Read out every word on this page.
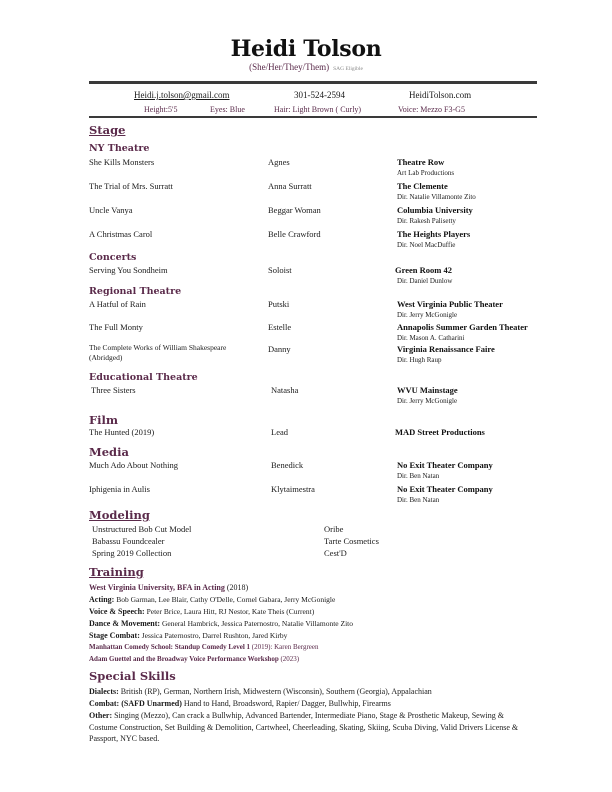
Heidi Tolson
(She/Her/They/Them) SAG Eligible
Heidi.j.tolson@gmail.com	301-524-2594	HeidiTolson.com
Height:5'5	Eyes: Blue	Hair: Light Brown ( Curly)	Voice: Mezzo F3-G5
Stage
NY Theatre
She Kills Monsters	Agnes	Theatre Row
Art Lab Productions
The Trial of Mrs. Surratt	Anna Surratt	The Clemente
Dir. Natalie Villamonte Zito
Uncle Vanya	Beggar Woman	Columbia University
Dir. Rakesh Palisetty
A Christmas Carol	Belle Crawford	The Heights Players
Dir. Noel MacDuffie
Concerts
Serving You Sondheim	Soloist	Green Room 42
Dir. Daniel Dunlow
Regional Theatre
A Hatful of Rain	Putski	West Virginia Public Theater
Dir. Jerry McGonigle
The Full Monty	Estelle	Annapolis Summer Garden Theater
Dir. Mason A. Catharini
The Complete Works of William Shakespeare (Abridged)
Danny	Virginia Renaissance Faire
Dir. Hugh Raup
Educational Theatre
Three Sisters	Natasha	WVU Mainstage
Dir. Jerry McGonigle
Film
The Hunted (2019)	Lead	MAD Street Productions
Media
Much Ado About Nothing	Benedick	No Exit Theater Company
Dir. Ben Natan
Iphigenia in Aulis	Klytaimestra	No Exit Theater Company
Dir. Ben Natan
Modeling
Unstructured Bob Cut Model	Oribe
Babassu Foundcealer	Tarte Cosmetics
Spring 2019 Collection	Cest'D
Training
West Virginia University, BFA in Acting (2018)
Acting: Bob Garman, Lee Blair, Cathy O'Delle, Cornel Gabara, Jerry McGonigle
Voice & Speech: Peter Brice, Laura Hitt, RJ Nestor, Kate Theis (Current)
Dance & Movement: General Hambrick, Jessica Paternostro, Natalie Villamonte Zito
Stage Combat: Jessica Paternostro, Darrel Rushton, Jared Kirby
Manhattan Comedy School: Standup Comedy Level 1 (2019): Karen Bergreen
Adam Guettel and the Broadway Voice Performance Workshop (2023)
Special Skills
Dialects: British (RP), German, Northern Irish, Midwestern (Wisconsin), Southern (Georgia), Appalachian
Combat: (SAFD Unarmed) Hand to Hand, Broadsword, Rapier/ Dagger, Bullwhip, Firearms
Other: Singing (Mezzo), Can crack a Bullwhip, Advanced Bartender, Intermediate Piano, Stage & Prosthetic Makeup, Sewing & Costume Construction, Set Building & Demolition, Cartwheel, Cheerleading, Skating, Skiing, Scuba Diving, Valid Drivers License & Passport, NYC based.
